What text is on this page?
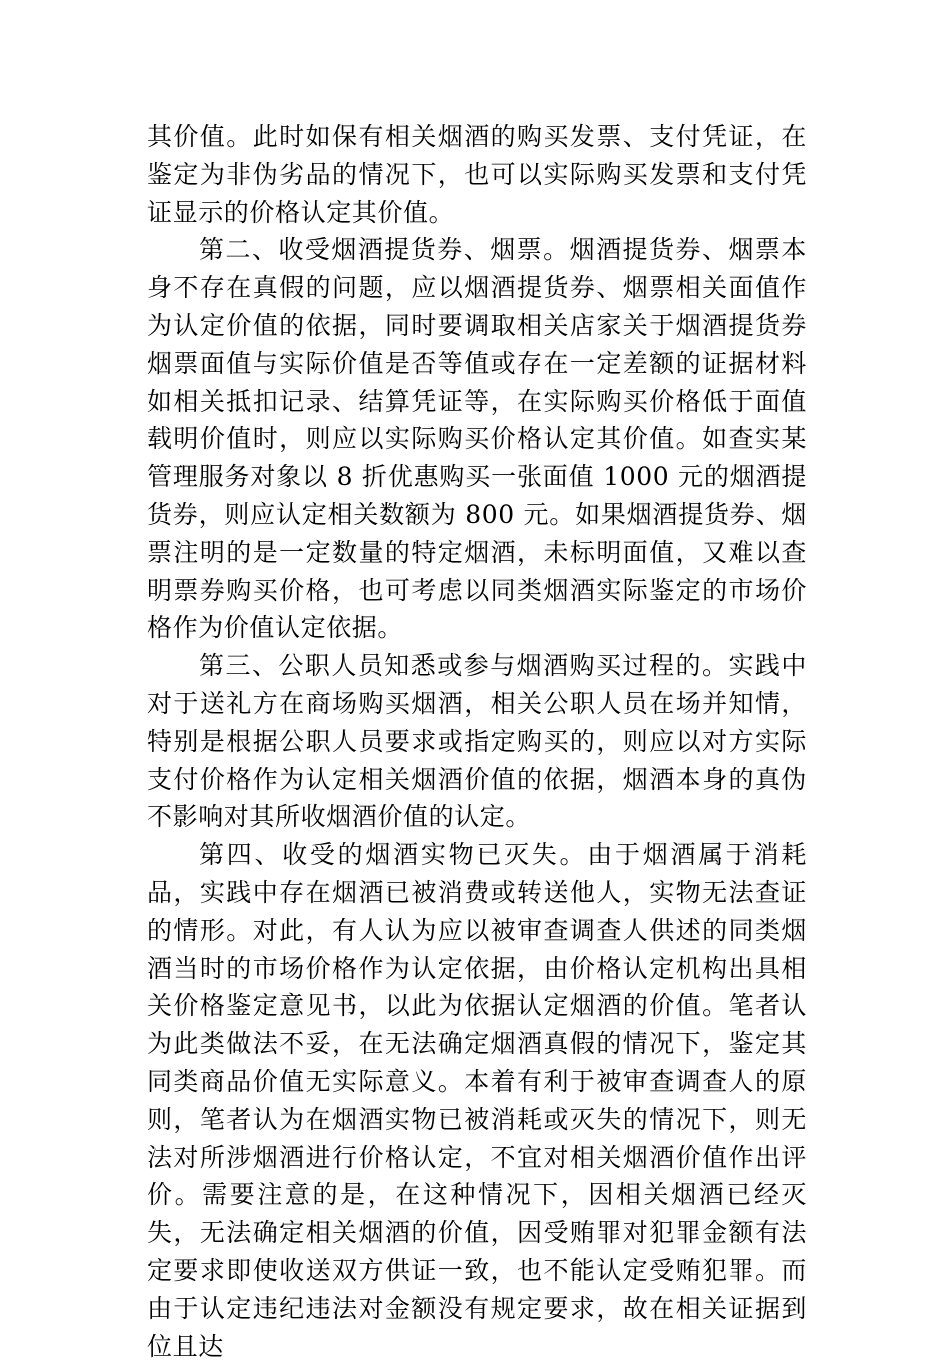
其价值。此时如保有相关烟酒的购买发票、支付凭证，在鉴定为非伪劣品的情况下，也可以实际购买发票和支付凭证显示的价格认定其价值。

第二、收受烟酒提货券、烟票。烟酒提货券、烟票本身不存在真假的问题，应以烟酒提货券、烟票相关面值作为认定价值的依据，同时要调取相关店家关于烟酒提货券烟票面值与实际价值是否等值或存在一定差额的证据材料如相关抵扣记录、结算凭证等，在实际购买价格低于面值载明价值时，则应以实际购买价格认定其价值。如查实某管理服务对象以 8 折优惠购买一张面值 1000 元的烟酒提货券，则应认定相关数额为 800 元。如果烟酒提货券、烟票注明的是一定数量的特定烟酒，未标明面值，又难以查明票券购买价格，也可考虑以同类烟酒实际鉴定的市场价格作为价值认定依据。

第三、公职人员知悉或参与烟酒购买过程的。实践中对于送礼方在商场购买烟酒，相关公职人员在场并知情，特别是根据公职人员要求或指定购买的，则应以对方实际支付价格作为认定相关烟酒价值的依据，烟酒本身的真伪不影响对其所收烟酒价值的认定。

第四、收受的烟酒实物已灭失。由于烟酒属于消耗品，实践中存在烟酒已被消费或转送他人，实物无法查证的情形。对此，有人认为应以被审查调查人供述的同类烟酒当时的市场价格作为认定依据，由价格认定机构出具相关价格鉴定意见书，以此为依据认定烟酒的价值。笔者认为此类做法不妥，在无法确定烟酒真假的情况下，鉴定其同类商品价值无实际意义。本着有利于被审查调查人的原则，笔者认为在烟酒实物已被消耗或灭失的情况下，则无法对所涉烟酒进行价格认定，不宜对相关烟酒价值作出评价。需要注意的是，在这种情况下，因相关烟酒已经灭失，无法确定相关烟酒的价值，因受贿罪对犯罪金额有法定要求即使收送双方供证一致，也不能认定受贿犯罪。而由于认定违纪违法对金额没有规定要求，故在相关证据到位且达
